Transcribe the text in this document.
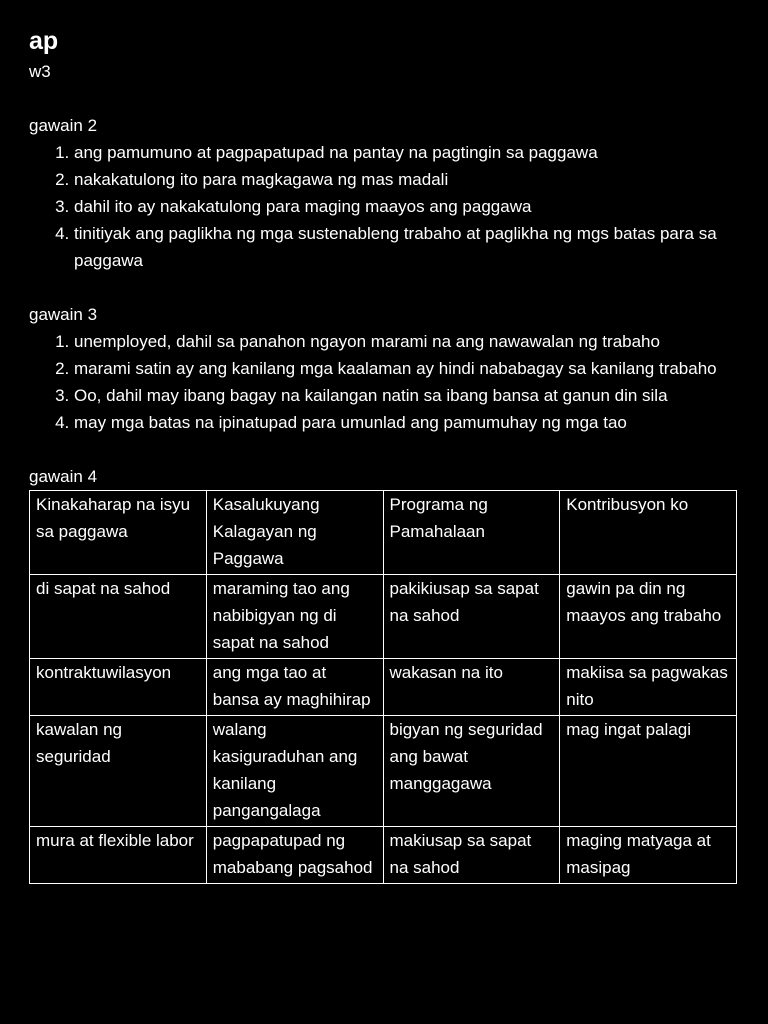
ap

w3

gawain 2

1. ang pamumuno at pagpapatupad na pantay na pagtingin sa paggawa
2. nakakatulong ito para magkagawa ng mas madali
3. dahil ito ay nakakatulong para maging maayos ang paggawa
4. tinitiyak ang paglikha ng mga sustenableng trabaho at paglikha ng mgs batas para sa paggawa

gawain 3

1. unemployed, dahil sa panahon ngayon marami na ang nawawalan ng trabaho
2. marami satin ay ang kanilang mga kaalaman ay hindi nababagay sa kanilang trabaho
3. Oo, dahil may ibang bagay na kailangan natin sa ibang bansa at ganun din sila
4. may mga batas na ipinatupad para umunlad ang pamumuhay ng mga tao

gawain 4

Kinakaharap na isyu sa paggawa	Kasalukuyang Kalagayan ng Paggawa	Programa ng Pamahalaan	Kontribusyon ko
di sapat na sahod	maraming tao ang nabibigyan ng di sapat na sahod	pakikiusap sa sapat na sahod	gawin pa din ng maayos ang trabaho
kontraktuwilasyon	ang mga tao at bansa ay maghihirap	wakasan na ito	makiisa sa pagwakas nito
kawalan ng seguridad	walang kasiguraduhan ang kanilang pangangalaga	bigyan ng seguridad ang bawat manggagawa	mag ingat palagi
mura at flexible labor	pagpapatupad ng mababang pagsahod	makiusap sa sapat na sahod	maging matyaga at masipag
